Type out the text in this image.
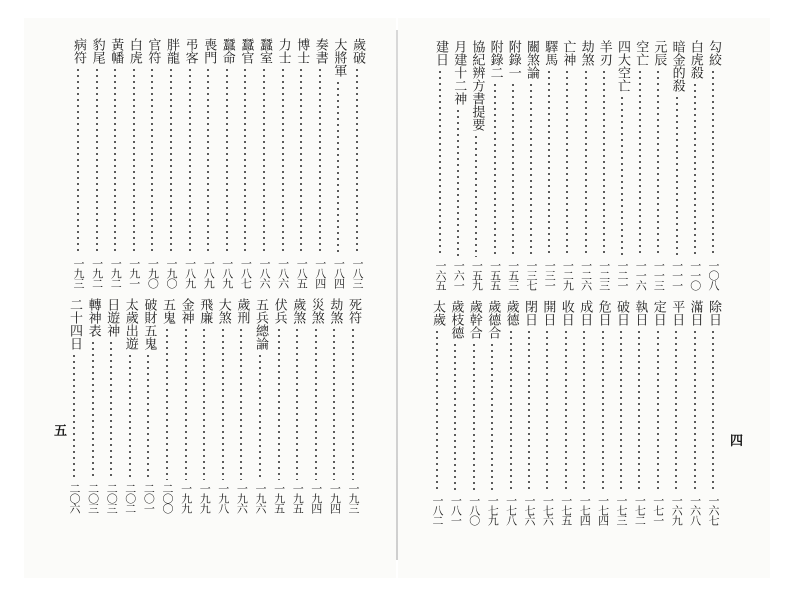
五
四
歲破
一八三
大將軍
一八四
奏書
一八四
博士
一八五
力士
一八六
蠶室
一八六
蠶官
一八七
蠶命
一八九
喪門
一八九
弔客
一八九
胖龍
一九〇
官符
一九〇
白虎
一九一
黃幡
一九二
豹尾
一九二
病符
一九三
死符
一九三
劫煞
一九四
災煞
一九四
歲煞
一九五
伏兵
一九五
五兵總論
一九六
歲刑
一九六
大煞
一九八
飛廉
一九九
金神
一九九
五鬼
二〇〇
破財五鬼
二〇一
太歲出遊
二〇二
日遊神
二〇三
轉神表
二〇三
二十四日
二〇六
勾絞
一〇八
白虎殺
一一〇
暗金的殺
一一一
元辰
一一三
空亡
一一六
四大空亡
一二一
羊刃
一二三
劫煞
一二六
亡神
一二九
驛馬
一三一
關煞論
一三七
附錄一
一五三
附錄二
一五五
協紀辨方書提要
一五九
月建十二神
一六一
建日
一六五
除日
一六七
滿日
一六八
平日
一六九
定日
一七一
執日
一七二
破日
一七三
危日
一七四
成日
一七四
收日
一七五
開日
一七六
閉日
一七六
歲德
一七八
歲德合
一七九
歲幹合
一八〇
歲枝德
一八一
太歲
一八二
